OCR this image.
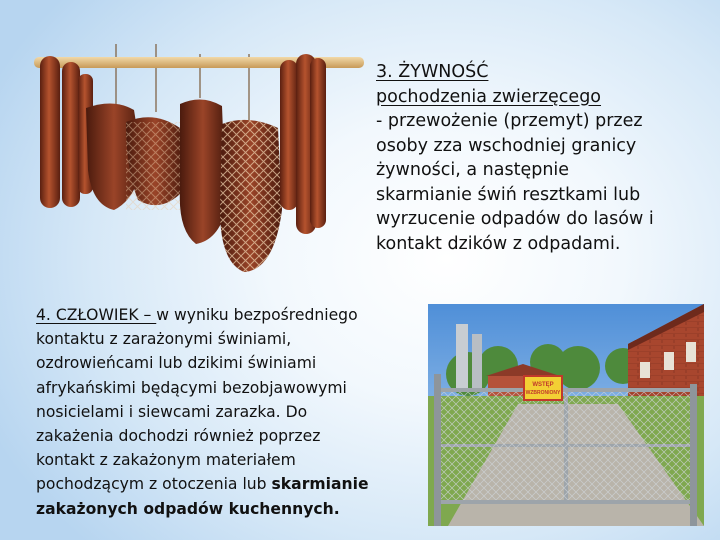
3. ŻYWNOŚĆ
pochodzenia zwierzęcego
- przewożenie (przemyt) przez
osoby zza wschodniej granicy
żywności, a następnie
skarmianie świń resztkami lub
wyrzucenie odpadów do lasów i
kontakt dzików z odpadami.
4. CZŁOWIEK – w wyniku bezpośredniego
kontaktu z zarażonymi świniami,
ozdrowieńcami lub dzikimi świniami
afrykańskimi będącymi bezobjawowymi
nosicielami i siewcami zarazka. Do
zakażenia dochodzi również poprzez
kontakt z zakażonym materiałem
pochodzącym z otoczenia lub skarmianie
zakażonych odpadów kuchennych.
WSTĘP
WZBRONIONY
